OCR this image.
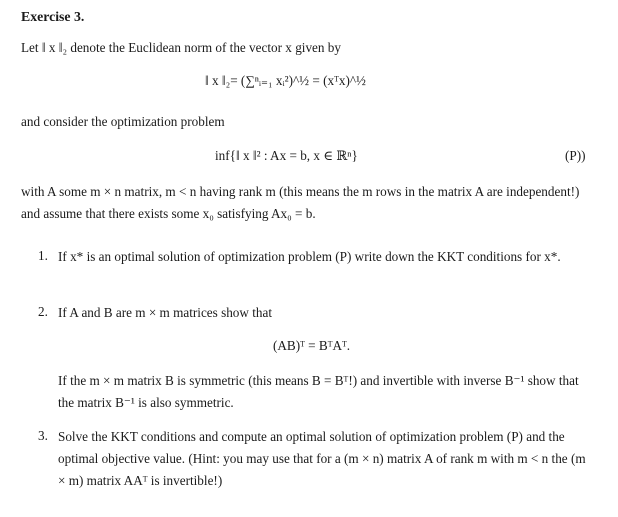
Exercise 3.
Let ‖ x ‖₂ denote the Euclidean norm of the vector x given by
‖ x ‖₂= (∑ⁿᵢ₌₁ xᵢ²)^½ = (xᵀx)^½
and consider the optimization problem
inf{‖ x ‖² : Ax = b, x ∈ ℝⁿ}	(P))
with A some m × n matrix, m < n having rank m (this means the m rows in the matrix A are independent!) and assume that there exists some x₀ satisfying Ax₀ = b.
1. If x* is an optimal solution of optimization problem (P) write down the KKT conditions for x*.
2. If A and B are m × m matrices show that
(AB)ᵀ = BᵀAᵀ.
If the m × m matrix B is symmetric (this means B = Bᵀ!) and invertible with inverse B⁻¹ show that the matrix B⁻¹ is also symmetric.
3. Solve the KKT conditions and compute an optimal solution of optimization problem (P) and the optimal objective value. (Hint: you may use that for a (m × n) matrix A of rank m with m < n the (m × m) matrix AAᵀ is invertible!)
